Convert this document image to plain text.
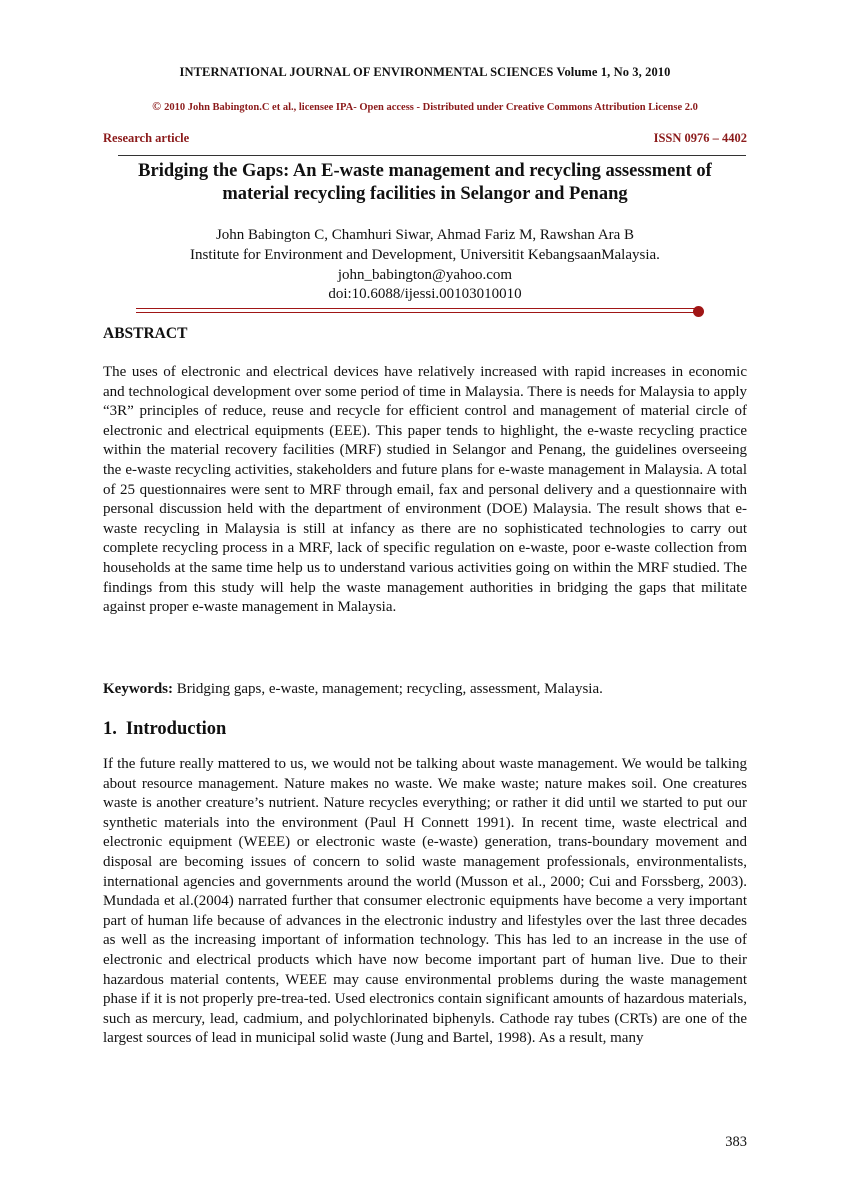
INTERNATIONAL JOURNAL OF ENVIRONMENTAL SCIENCES Volume 1, No 3, 2010
© 2010 John Babington.C et al., licensee IPA- Open access - Distributed under Creative Commons Attribution License 2.0
Research article	ISSN 0976 – 4402
Bridging the Gaps: An E-waste management and recycling assessment of material recycling facilities in Selangor and Penang
John Babington C, Chamhuri Siwar, Ahmad Fariz M, Rawshan Ara B
Institute for Environment and Development, Universitit KebangsaanMalaysia.
john_babington@yahoo.com
doi:10.6088/ijessi.00103010010
ABSTRACT
The uses of electronic and electrical devices have relatively increased with rapid increases in economic and technological development over some period of time in Malaysia. There is needs for Malaysia to apply “3R” principles of reduce, reuse and recycle for efficient control and management of material circle of electronic and electrical equipments (EEE). This paper tends to highlight, the e-waste recycling practice within the material recovery facilities (MRF) studied in Selangor and Penang, the guidelines overseeing the e-waste recycling activities, stakeholders and future plans for e-waste management in Malaysia. A total of 25 questionnaires were sent to MRF through email, fax and personal delivery and a questionnaire with personal discussion held with the department of environment (DOE) Malaysia. The result shows that e-waste recycling in Malaysia is still at infancy as there are no sophisticated technologies to carry out complete recycling process in a MRF, lack of specific regulation on e-waste, poor e-waste collection from households at the same time help us to understand various activities going on within the MRF studied. The findings from this study will help the waste management authorities in bridging the gaps that militate against proper e-waste management in Malaysia.
Keywords: Bridging gaps, e-waste, management; recycling, assessment, Malaysia.
1. Introduction
If the future really mattered to us, we would not be talking about waste management. We would be talking about resource management. Nature makes no waste. We make waste; nature makes soil. One creatures waste is another creature’s nutrient. Nature recycles everything; or rather it did until we started to put our synthetic materials into the environment (Paul H Connett 1991). In recent time, waste electrical and electronic equipment (WEEE) or electronic waste (e-waste) generation, trans-boundary movement and disposal are becoming issues of concern to solid waste management professionals, environmentalists, international agencies and governments around the world (Musson et al., 2000; Cui and Forssberg, 2003). Mundada et al.(2004) narrated further that consumer electronic equipments have become a very important part of human life because of advances in the electronic industry and lifestyles over the last three decades as well as the increasing important of information technology. This has led to an increase in the use of electronic and electrical products which have now become important part of human live. Due to their hazardous material contents, WEEE may cause environmental problems during the waste management phase if it is not properly pre-trea-ted. Used electronics contain significant amounts of hazardous materials, such as mercury, lead, cadmium, and polychlorinated biphenyls. Cathode ray tubes (CRTs) are one of the largest sources of lead in municipal solid waste (Jung and Bartel, 1998). As a result, many
383
